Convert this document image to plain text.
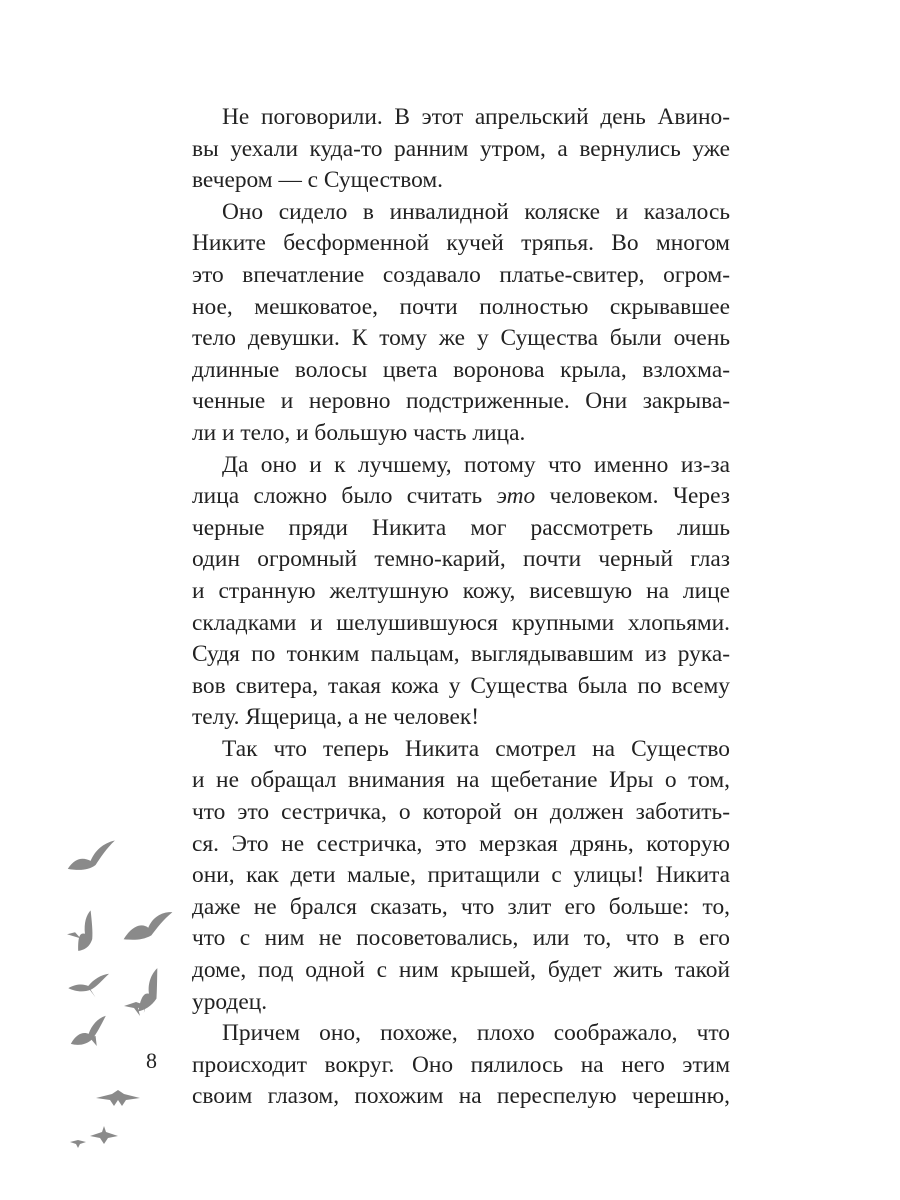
Не поговорили. В этот апрельский день Авино-
вы уехали куда-то ранним утром, а вернулись уже
вечером — с Существом.
Оно сидело в инвалидной коляске и казалось
Никите бесформенной кучей тряпья. Во многом
это впечатление создавало платье-свитер, огром-
ное, мешковатое, почти полностью скрывавшее
тело девушки. К тому же у Существа были очень
длинные волосы цвета воронова крыла, взлохма-
ченные и неровно подстриженные. Они закрыва-
ли и тело, и большую часть лица.
Да оно и к лучшему, потому что именно из-за
лица сложно было считать это человеком. Через
черные пряди Никита мог рассмотреть лишь
один огромный темно-карий, почти черный глаз
и странную желтушную кожу, висевшую на лице
складками и шелушившуюся крупными хлопьями.
Судя по тонким пальцам, выглядывавшим из рука-
вов свитера, такая кожа у Существа была по всему
телу. Ящерица, а не человек!
Так что теперь Никита смотрел на Существо
и не обращал внимания на щебетание Иры о том,
что это сестричка, о которой он должен заботить-
ся. Это не сестричка, это мерзкая дрянь, которую
они, как дети малые, притащили с улицы! Никита
даже не брался сказать, что злит его больше: то,
что с ним не посоветовались, или то, что в его
доме, под одной с ним крышей, будет жить такой
уродец.
Причем оно, похоже, плохо соображало, что
происходит вокруг. Оно пялилось на него этим
своим глазом, похожим на переспелую черешню,
8
